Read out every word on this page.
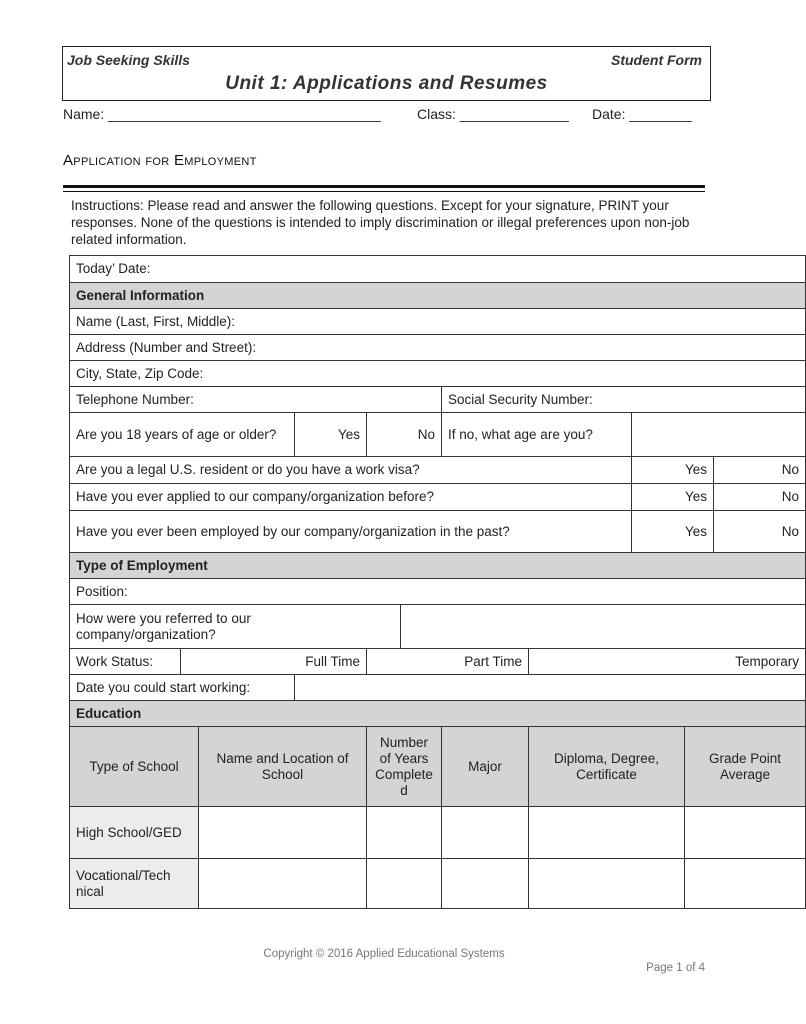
Job Seeking Skills	Student Form
Unit 1: Applications and Resumes
Name: ___________________________________	Class: ______________ Date: ________
Application for Employment
Instructions: Please read and answer the following questions. Except for your signature, PRINT your responses. None of the questions is intended to imply discrimination or illegal preferences upon non-job related information.
Today’ Date:										
General Information										
Name (Last, First, Middle):										
Address (Number and Street):										
City, State, Zip Code:										
Telephone Number:						Social Security Number:				
Are you 18 years of age or older?			Yes	No		If no, what age are you?				
Are you a legal U.S. resident or do you have a work visa?								Yes		No
Have you ever applied to our company/organization before?								Yes		No
Have you ever been employed by our company/organization in the past?								Yes		No
Type of Employment										
Position:										
How were you referred to our company/organization?										
Work Status:	Full Time			Part Time			Temporary			
Date you could start working:										
Education										
Type of School		Name and Location of School		Number of Years Complete d		Major	Diploma, Degree, Certificate		Grade Point Average	
High School/GED										
Vocational/Tech nical										
Copyright © 2016 Applied Educational Systems
Page 1 of 4
